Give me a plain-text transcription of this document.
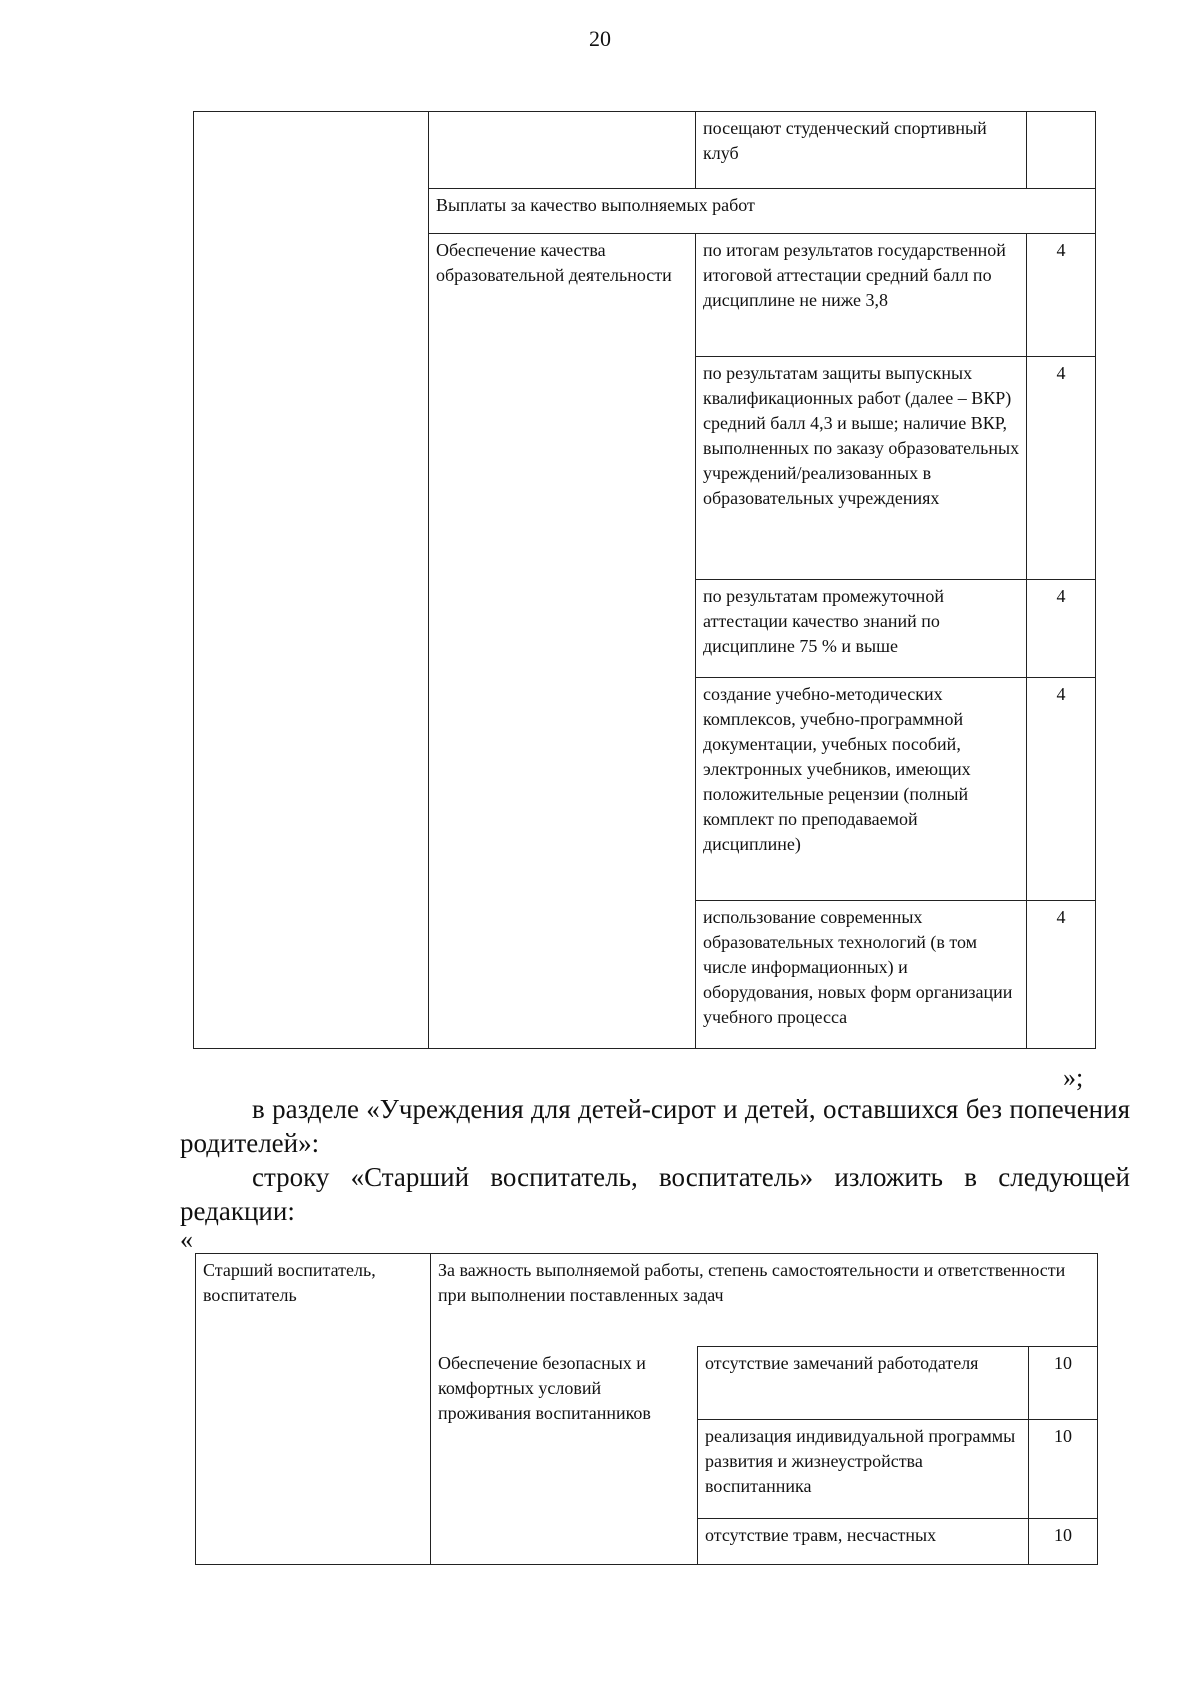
20
		посещают студенческий спортивный клуб	
	Выплаты за качество выполняемых работ		
	Обеспечение качества образовательной деятельности	по итогам результатов государственной итоговой аттестации средний балл по дисциплине не ниже 3,8	4
		по результатам защиты выпускных квалификационных работ (далее – ВКР) средний балл 4,3 и выше; наличие ВКР, выполненных по заказу образовательных учреждений/реализованных в образовательных учреждениях	4
		по результатам промежуточной аттестации качество знаний по дисциплине 75 % и выше	4
		создание учебно-методических комплексов, учебно-программной документации, учебных пособий, электронных учебников, имеющих положительные рецензии (полный комплект по преподаваемой дисциплине)	4
		использование современных образовательных технологий (в том числе информационных) и оборудования, новых форм организации учебного процесса	4
»;
в разделе «Учреждения для детей-сирот и детей, оставшихся без попечения родителей»:
строку «Старший воспитатель, воспитатель» изложить в следующей редакции:
«
Старший воспитатель, воспитатель	За важность выполняемой работы, степень самостоятельности и ответственности при выполнении поставленных задач		
	Обеспечение безопасных и комфортных условий проживания воспитанников	отсутствие замечаний работодателя	10
		реализация индивидуальной программы развития и жизнеустройства воспитанника	10
		отсутствие травм, несчастных	10
